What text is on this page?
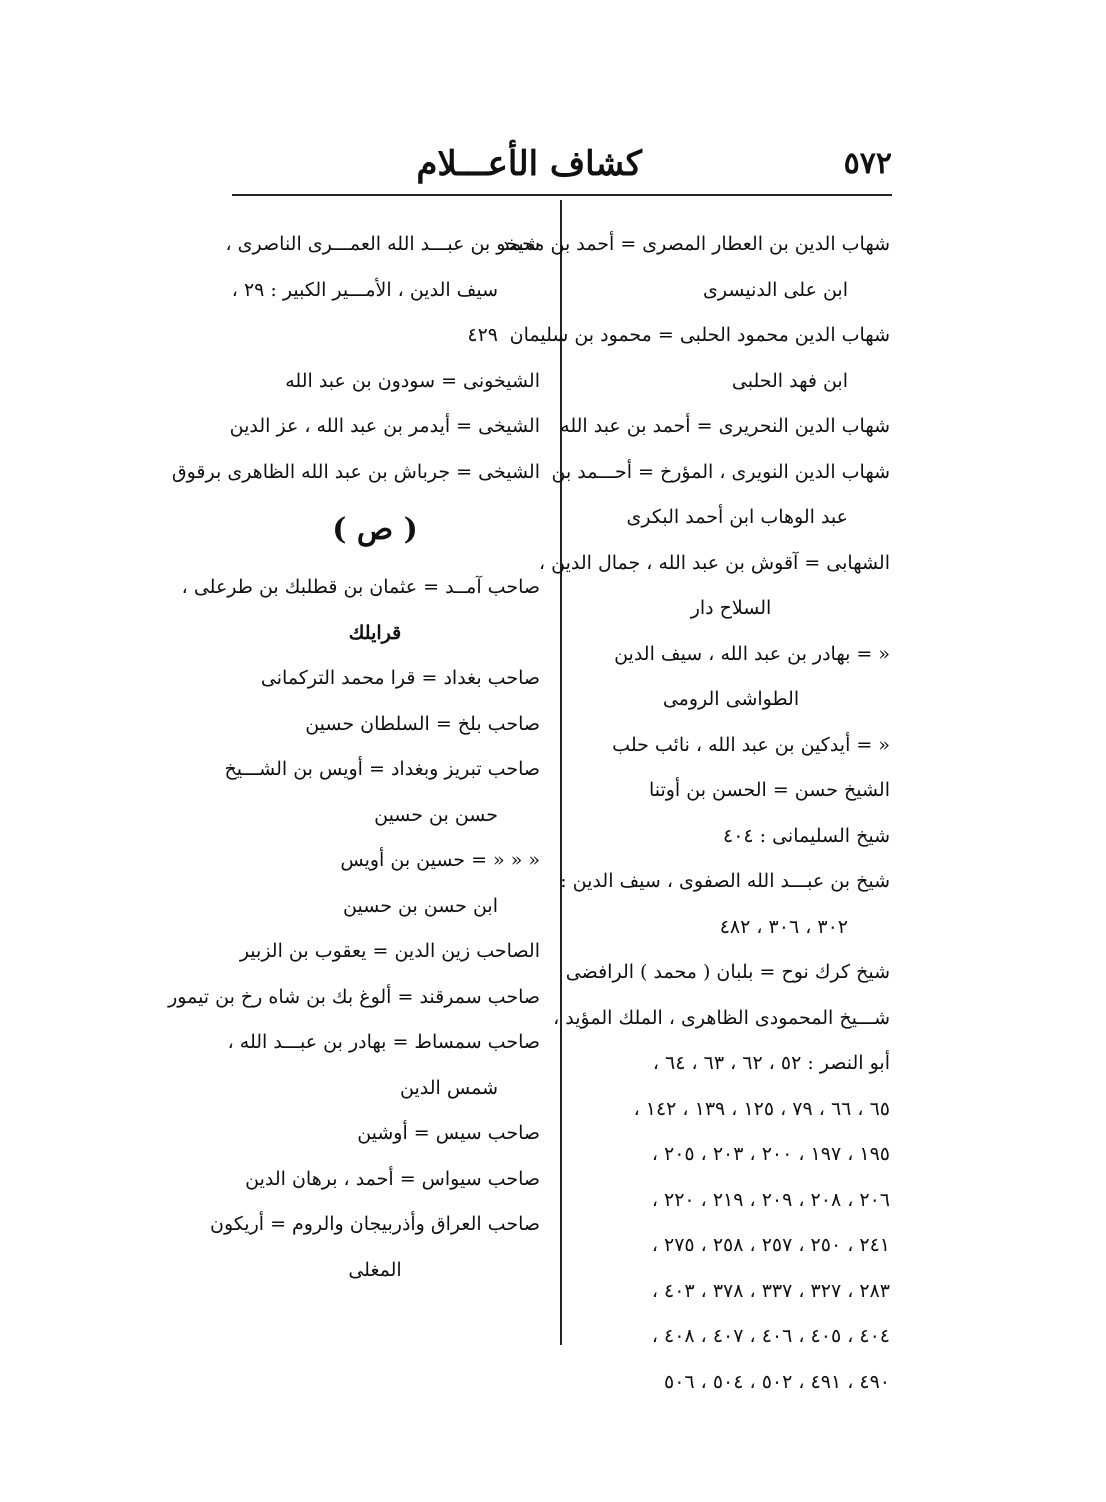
٥٧٢
كشاف الأعـــلام
شهاب الدين بن العطار المصرى = أحمد بن محمد
ابن على الدنيسرى
شهاب الدين محمود الحلبى = محمود بن سليمان
ابن فهد الحلبى
شهاب الدين النحريرى = أحمد بن عبد الله
شهاب الدين النويرى ، المؤرخ = أحـــمد بن
عبد الوهاب ابن أحمد البكرى
الشهابى = آقوش بن عبد الله ، جمال الدين ،
السلاح دار
« = بهادر بن عبد الله ، سيف الدين
الطواشى الرومى
« = أيدكين بن عبد الله ، نائب حلب
الشيخ حسن = الحسن بن أوتنا
شيخ السليمانى : ٤٠٤
شيخ بن عبـــد الله الصفوى ، سيف الدين :
٣٠٢ ، ٣٠٦ ، ٤٨٢
شيخ كرك نوح = بلبان ( محمد ) الرافضى
شـــيخ المحمودى الظاهرى ، الملك المؤيد ،
أبو النصر : ٥٢ ، ٦٢ ، ٦٣ ، ٦٤ ،
٦٥ ، ٦٦ ، ٧٩ ، ١٢٥ ، ١٣٩ ، ١٤٢ ،
١٩٥ ، ١٩٧ ، ٢٠٠ ، ٢٠٣ ، ٢٠٥ ،
٢٠٦ ، ٢٠٨ ، ٢٠٩ ، ٢١٩ ، ٢٢٠ ،
٢٤١ ، ٢٥٠ ، ٢٥٧ ، ٢٥٨ ، ٢٧٥ ،
٢٨٣ ، ٣٢٧ ، ٣٣٧ ، ٣٧٨ ، ٤٠٣ ،
٤٠٤ ، ٤٠٥ ، ٤٠٦ ، ٤٠٧ ، ٤٠٨ ،
٤٩٠ ، ٤٩١ ، ٥٠٢ ، ٥٠٤ ، ٥٠٦
شيخو بن عبـــد الله العمـــرى الناصرى ،
سيف الدين ، الأمـــير الكبير : ٢٩ ،
٤٢٩
الشيخونى = سودون بن عبد الله
الشيخى = أيدمر بن عبد الله ، عز الدين
الشيخى = جرباش بن عبد الله الظاهرى برقوق
( ص )
صاحب آمــد = عثمان بن قطلبك بن طرعلى ،
قرايلك
صاحب بغداد = قرا محمد التركمانى
صاحب بلخ = السلطان حسين
صاحب تبريز وبغداد = أويس بن الشـــيخ
حسن بن حسين
« « « = حسين بن أويس
ابن حسن بن حسين
الصاحب زين الدين = يعقوب بن الزبير
صاحب سمرقند = ألوغ بك بن شاه رخ بن تيمور
صاحب سمساط = بهادر بن عبـــد الله ،
شمس الدين
صاحب سيس = أوشين
صاحب سيواس = أحمد ، برهان الدين
صاحب العراق وأذربيجان والروم = أريكون
المغلى
